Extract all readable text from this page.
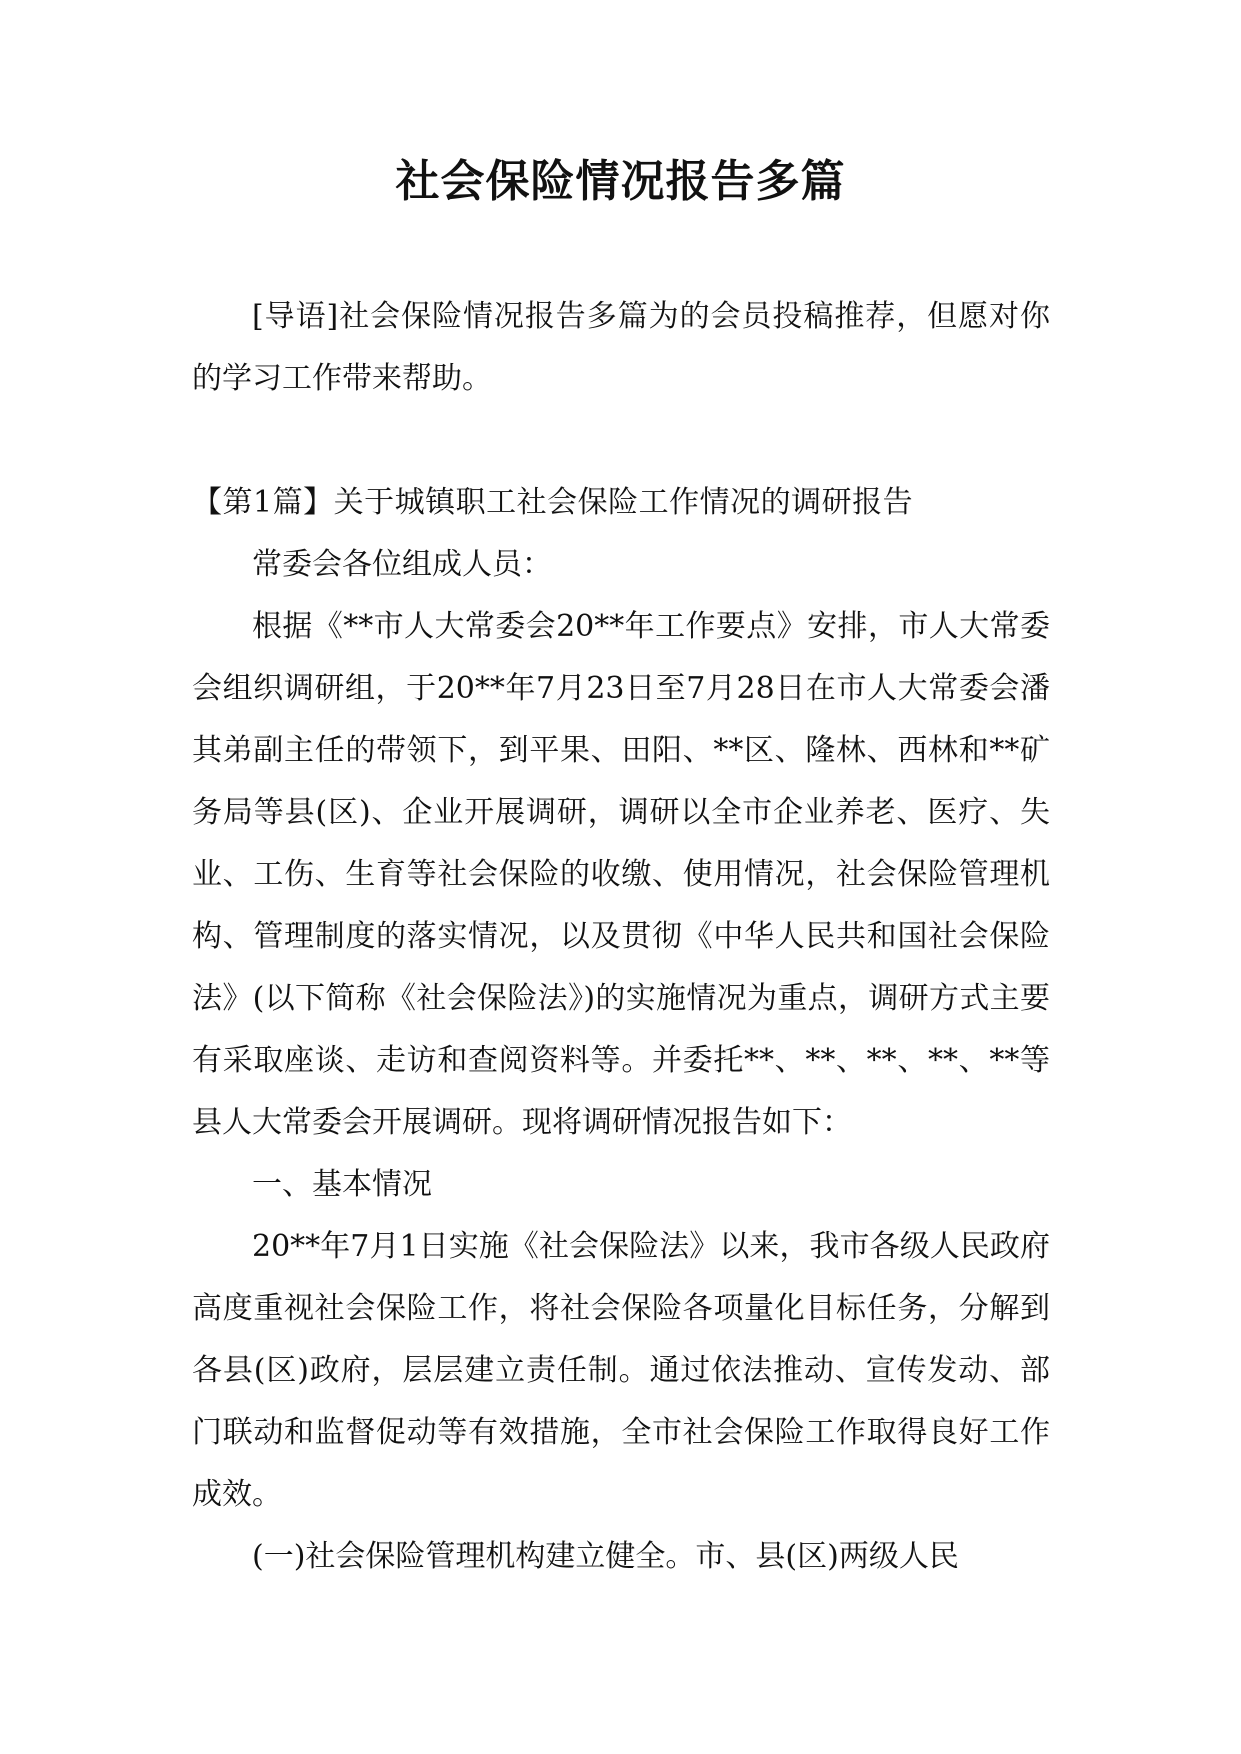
社会保险情况报告多篇

[导语]社会保险情况报告多篇为的会员投稿推荐，但愿对你的学习工作带来帮助。

【第1篇】关于城镇职工社会保险工作情况的调研报告

常委会各位组成人员：

根据《**市人大常委会20**年工作要点》安排，市人大常委会组织调研组，于20**年7月23日至7月28日在市人大常委会潘其弟副主任的带领下，到平果、田阳、**区、隆林、西林和**矿务局等县(区)、企业开展调研，调研以全市企业养老、医疗、失业、工伤、生育等社会保险的收缴、使用情况，社会保险管理机构、管理制度的落实情况，以及贯彻《中华人民共和国社会保险法》(以下简称《社会保险法》)的实施情况为重点，调研方式主要有采取座谈、走访和查阅资料等。并委托**、**、**、**、**等县人大常委会开展调研。现将调研情况报告如下：

一、基本情况

20**年7月1日实施《社会保险法》以来，我市各级人民政府高度重视社会保险工作，将社会保险各项量化目标任务，分解到各县(区)政府，层层建立责任制。通过依法推动、宣传发动、部门联动和监督促动等有效措施，全市社会保险工作取得良好工作成效。

(一)社会保险管理机构建立健全。市、县(区)两级人民
